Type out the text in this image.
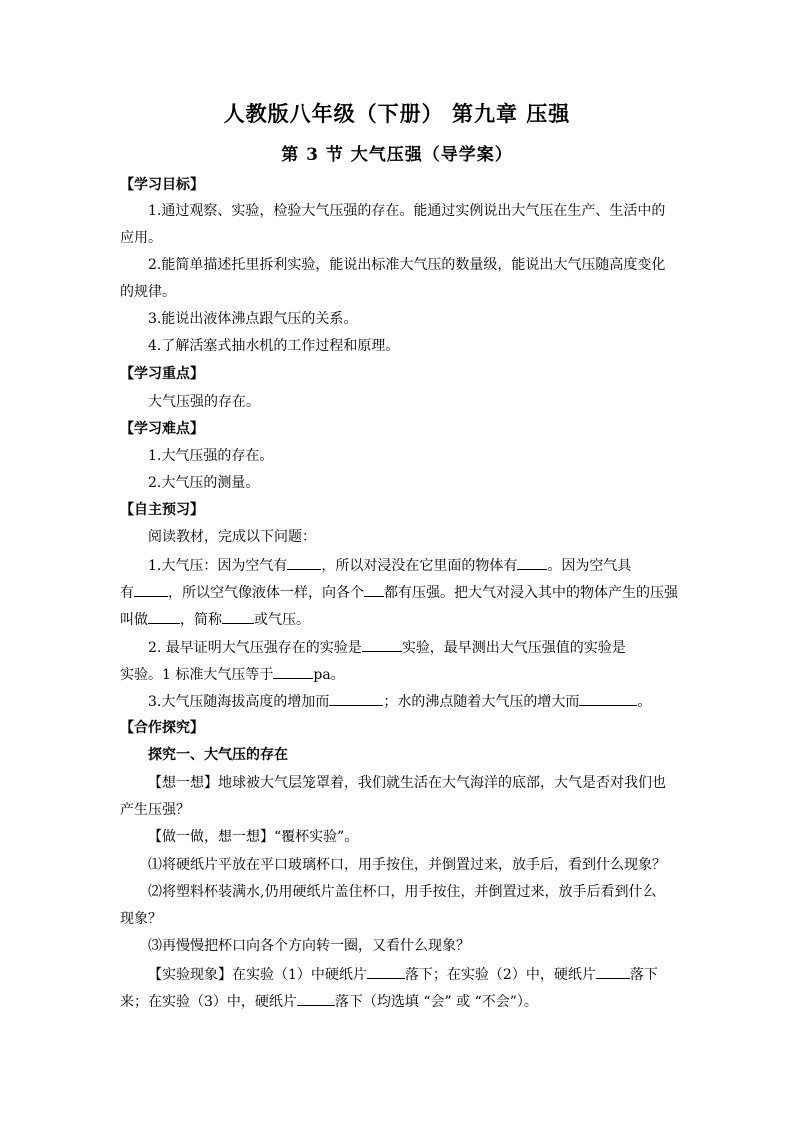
人教版八年级（下册） 第九章 压强
第 3 节 大气压强（导学案）
【学习目标】
1.通过观察、实验，检验大气压强的存在。能通过实例说出大气压在生产、生活中的
应用。
2.能简单描述托里拆利实验，能说出标准大气压的数量级，能说出大气压随高度变化
的规律。
3.能说出液体沸点跟气压的关系。
4.了解活塞式抽水机的工作过程和原理。
【学习重点】
大气压强的存在。
【学习难点】
1.大气压强的存在。
2.大气压的测量。
【自主预习】
阅读教材，完成以下问题：
1.大气压：因为空气有 ，所以对浸没在它里面的物体有 。因为空气具
有 ，所以空气像液体一样，向各个 都有压强。把大气对浸入其中的物体产生的压强
叫做 ，简称 或气压。
2. 最早证明大气压强存在的实验是	实验，最早测出大气压强值的实验是
实验。1 标准大气压等于	pa。
3.大气压随海拔高度的增加而	；水的沸点随着大气压的增大而	。
【合作探究】
探究一、大气压的存在
【想一想】地球被大气层笼罩着，我们就生活在大气海洋的底部，大气是否对我们也
产生压强？
【做一做，想一想】“覆杯实验”。
⑴将硬纸片平放在平口玻璃杯口，用手按住，并倒置过来，放手后，看到什么现象？
⑵将塑料杯装满水,仍用硬纸片盖住杯口，用手按住，并倒置过来，放手后看到什么
现象？
⑶再慢慢把杯口向各个方向转一圈，又看什么现象？
【实验现象】在实验（1）中硬纸片	落下；在实验（2）中，硬纸片 落下
来；在实验（3）中，硬纸片	落下（均选填 “会” 或 “不会”）。
